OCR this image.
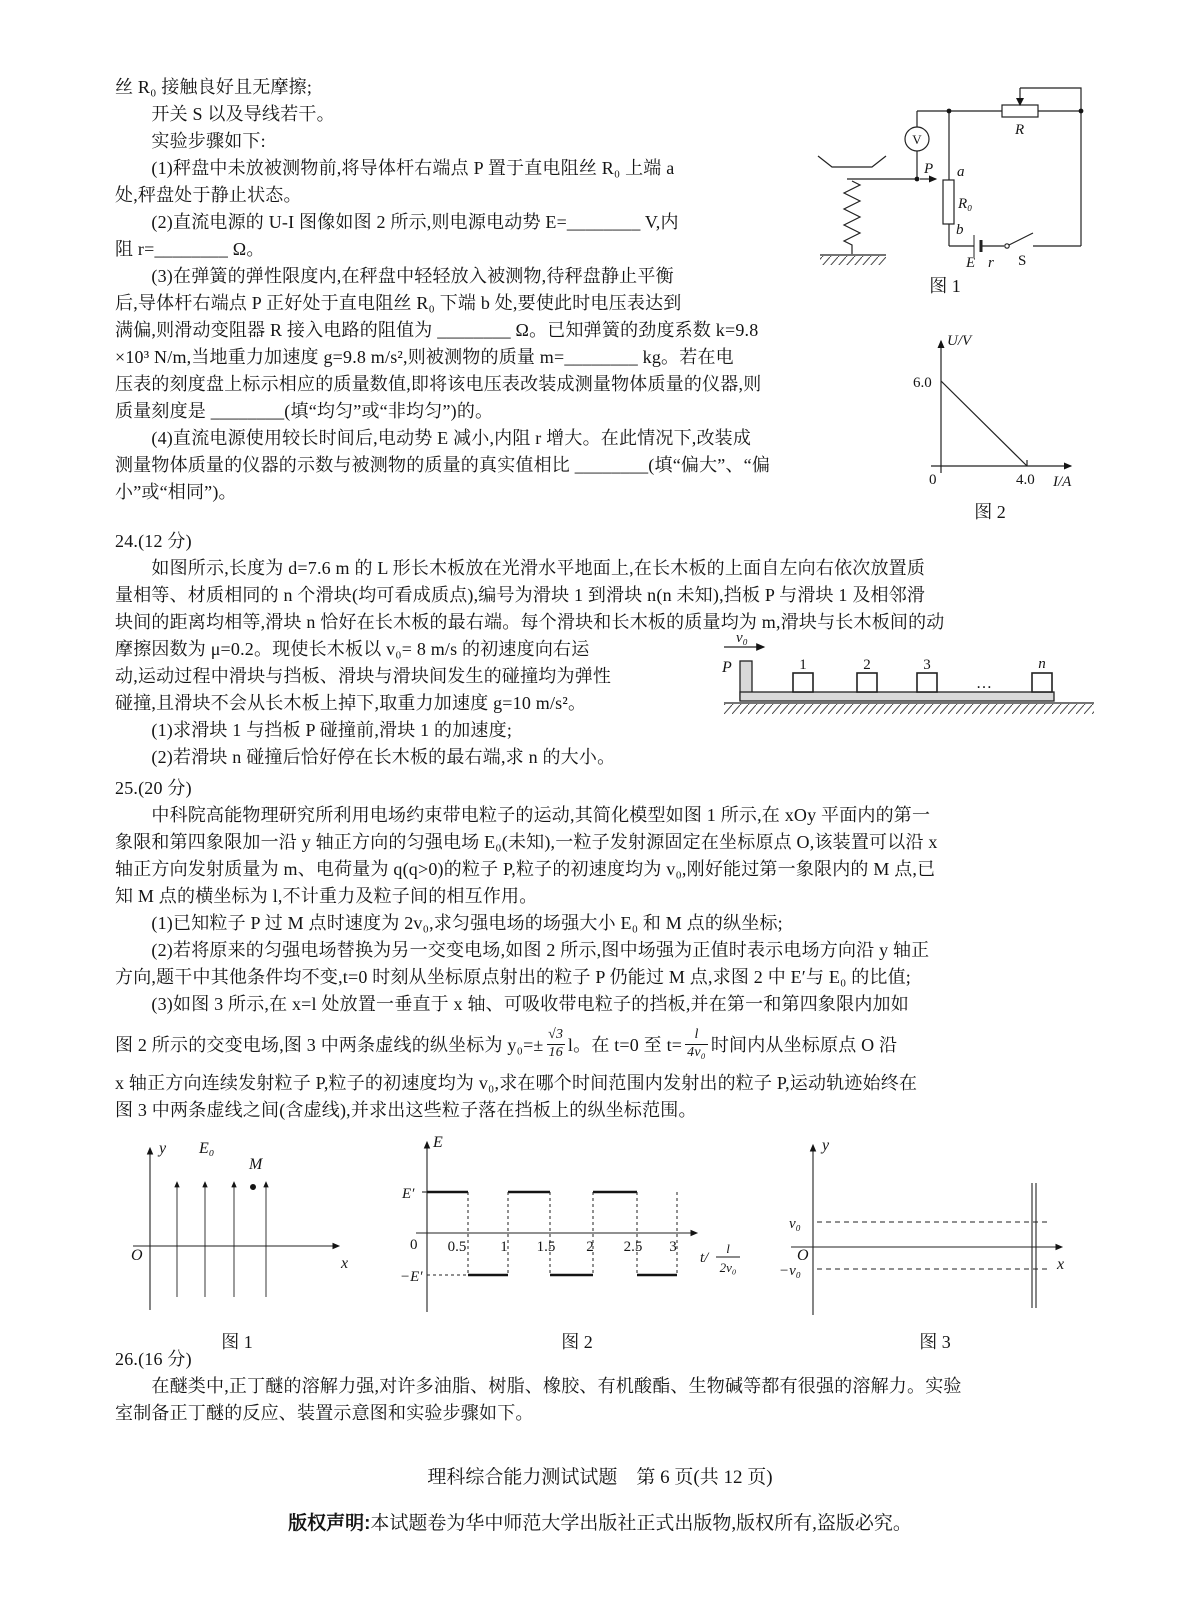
丝 R₀ 接触良好且无摩擦;
　　开关 S 以及导线若干。
　　实验步骤如下:
　　(1)秤盘中未放被测物前,将导体杆右端点 P 置于直电阻丝 R₀ 上端 a
处,秤盘处于静止状态。
　　(2)直流电源的 U-I 图像如图 2 所示,则电源电动势 E=________ V,内
阻 r=________ Ω。
　　(3)在弹簧的弹性限度内,在秤盘中轻轻放入被测物,待秤盘静止平衡
后,导体杆右端点 P 正好处于直电阻丝 R₀ 下端 b 处,要使此时电压表达到
满偏,则滑动变阻器 R 接入电路的阻值为 ________ Ω。已知弹簧的劲度系数 k=9.8
×10³ N/m,当地重力加速度 g=9.8 m/s²,则被测物的质量 m=________ kg。若在电
压表的刻度盘上标示相应的质量数值,即将该电压表改装成测量物体质量的仪器,则
质量刻度是 ________(填“均匀”或“非均匀”)的。
　　(4)直流电源使用较长时间后,电动势 E 减小,内阻 r 增大。在此情况下,改装成
测量物体质量的仪器的示数与被测物的质量的真实值相比 ________(填“偏大”、“偏
小”或“相同”)。
V
P a
R₀
b
E r S
R
图 1
U/V
6.0
0	4.0 I/A
图 2
24.(12 分)
　　如图所示,长度为 d=7.6 m 的 L 形长木板放在光滑水平地面上,在长木板的上面自左向右依次放置质
量相等、材质相同的 n 个滑块(均可看成质点),编号为滑块 1 到滑块 n(n 未知),挡板 P 与滑块 1 及相邻滑
块间的距离均相等,滑块 n 恰好在长木板的最右端。每个滑块和长木板的质量均为 m,滑块与长木板间的动
摩擦因数为 μ=0.2。现使长木板以 v₀= 8 m/s 的初速度向右运
动,运动过程中滑块与挡板、滑块与滑块间发生的碰撞均为弹性
碰撞,且滑块不会从长木板上掉下,取重力加速度 g=10 m/s²。
　　(1)求滑块 1 与挡板 P 碰撞前,滑块 1 的加速度;
　　(2)若滑块 n 碰撞后恰好停在长木板的最右端,求 n 的大小。
v₀
P	1	2	3
…
n
25.(20 分)
　　中科院高能物理研究所利用电场约束带电粒子的运动,其简化模型如图 1 所示,在 xOy 平面内的第一
象限和第四象限加一沿 y 轴正方向的匀强电场 E₀(未知),一粒子发射源固定在坐标原点 O,该装置可以沿 x
轴正方向发射质量为 m、电荷量为 q(q>0)的粒子 P,粒子的初速度均为 v₀,刚好能过第一象限内的 M 点,已
知 M 点的横坐标为 l,不计重力及粒子间的相互作用。
　　(1)已知粒子 P 过 M 点时速度为 2v₀,求匀强电场的场强大小 E₀ 和 M 点的纵坐标;
　　(2)若将原来的匀强电场替换为另一交变电场,如图 2 所示,图中场强为正值时表示电场方向沿 y 轴正
方向,题干中其他条件均不变,t=0 时刻从坐标原点射出的粒子 P 仍能过 M 点,求图 2 中 E′与 E₀ 的比值;
　　(3)如图 3 所示,在 x=l 处放置一垂直于 x 轴、可吸收带电粒子的挡板,并在第一和第四象限内加如
图 2 所示的交变电场,图 3 中两条虚线的纵坐标为 $y_0=\pm \frac{√3}{16}$ l。在 t=0 至 $t= \frac{l}{\text{4v₀}}$ 时间内从坐标原点 O 沿
x 轴正方向连续发射粒子 P,粒子的初速度均为 v₀,求在哪个时间范围内发射出的粒子 P,运动轨迹始终在
图 3 中两条虚线之间(含虚线),并求出这些粒子落在挡板上的纵坐标范围。
y
x
O
E₀
M
图 1
E
E′
0
−E′
0.5 1 1.5 2 2.5 3
t/
l
2v₀
图 2
y
x
O
v₀
−v₀
图 3
26.(16 分)
　　在醚类中,正丁醚的溶解力强,对许多油脂、树脂、橡胶、有机酸酯、生物碱等都有很强的溶解力。实验
室制备正丁醚的反应、装置示意图和实验步骤如下。
理科综合能力测试试题　第 6 页(共 12 页)
版权声明:本试题卷为华中师范大学出版社正式出版物,版权所有,盗版必究。
